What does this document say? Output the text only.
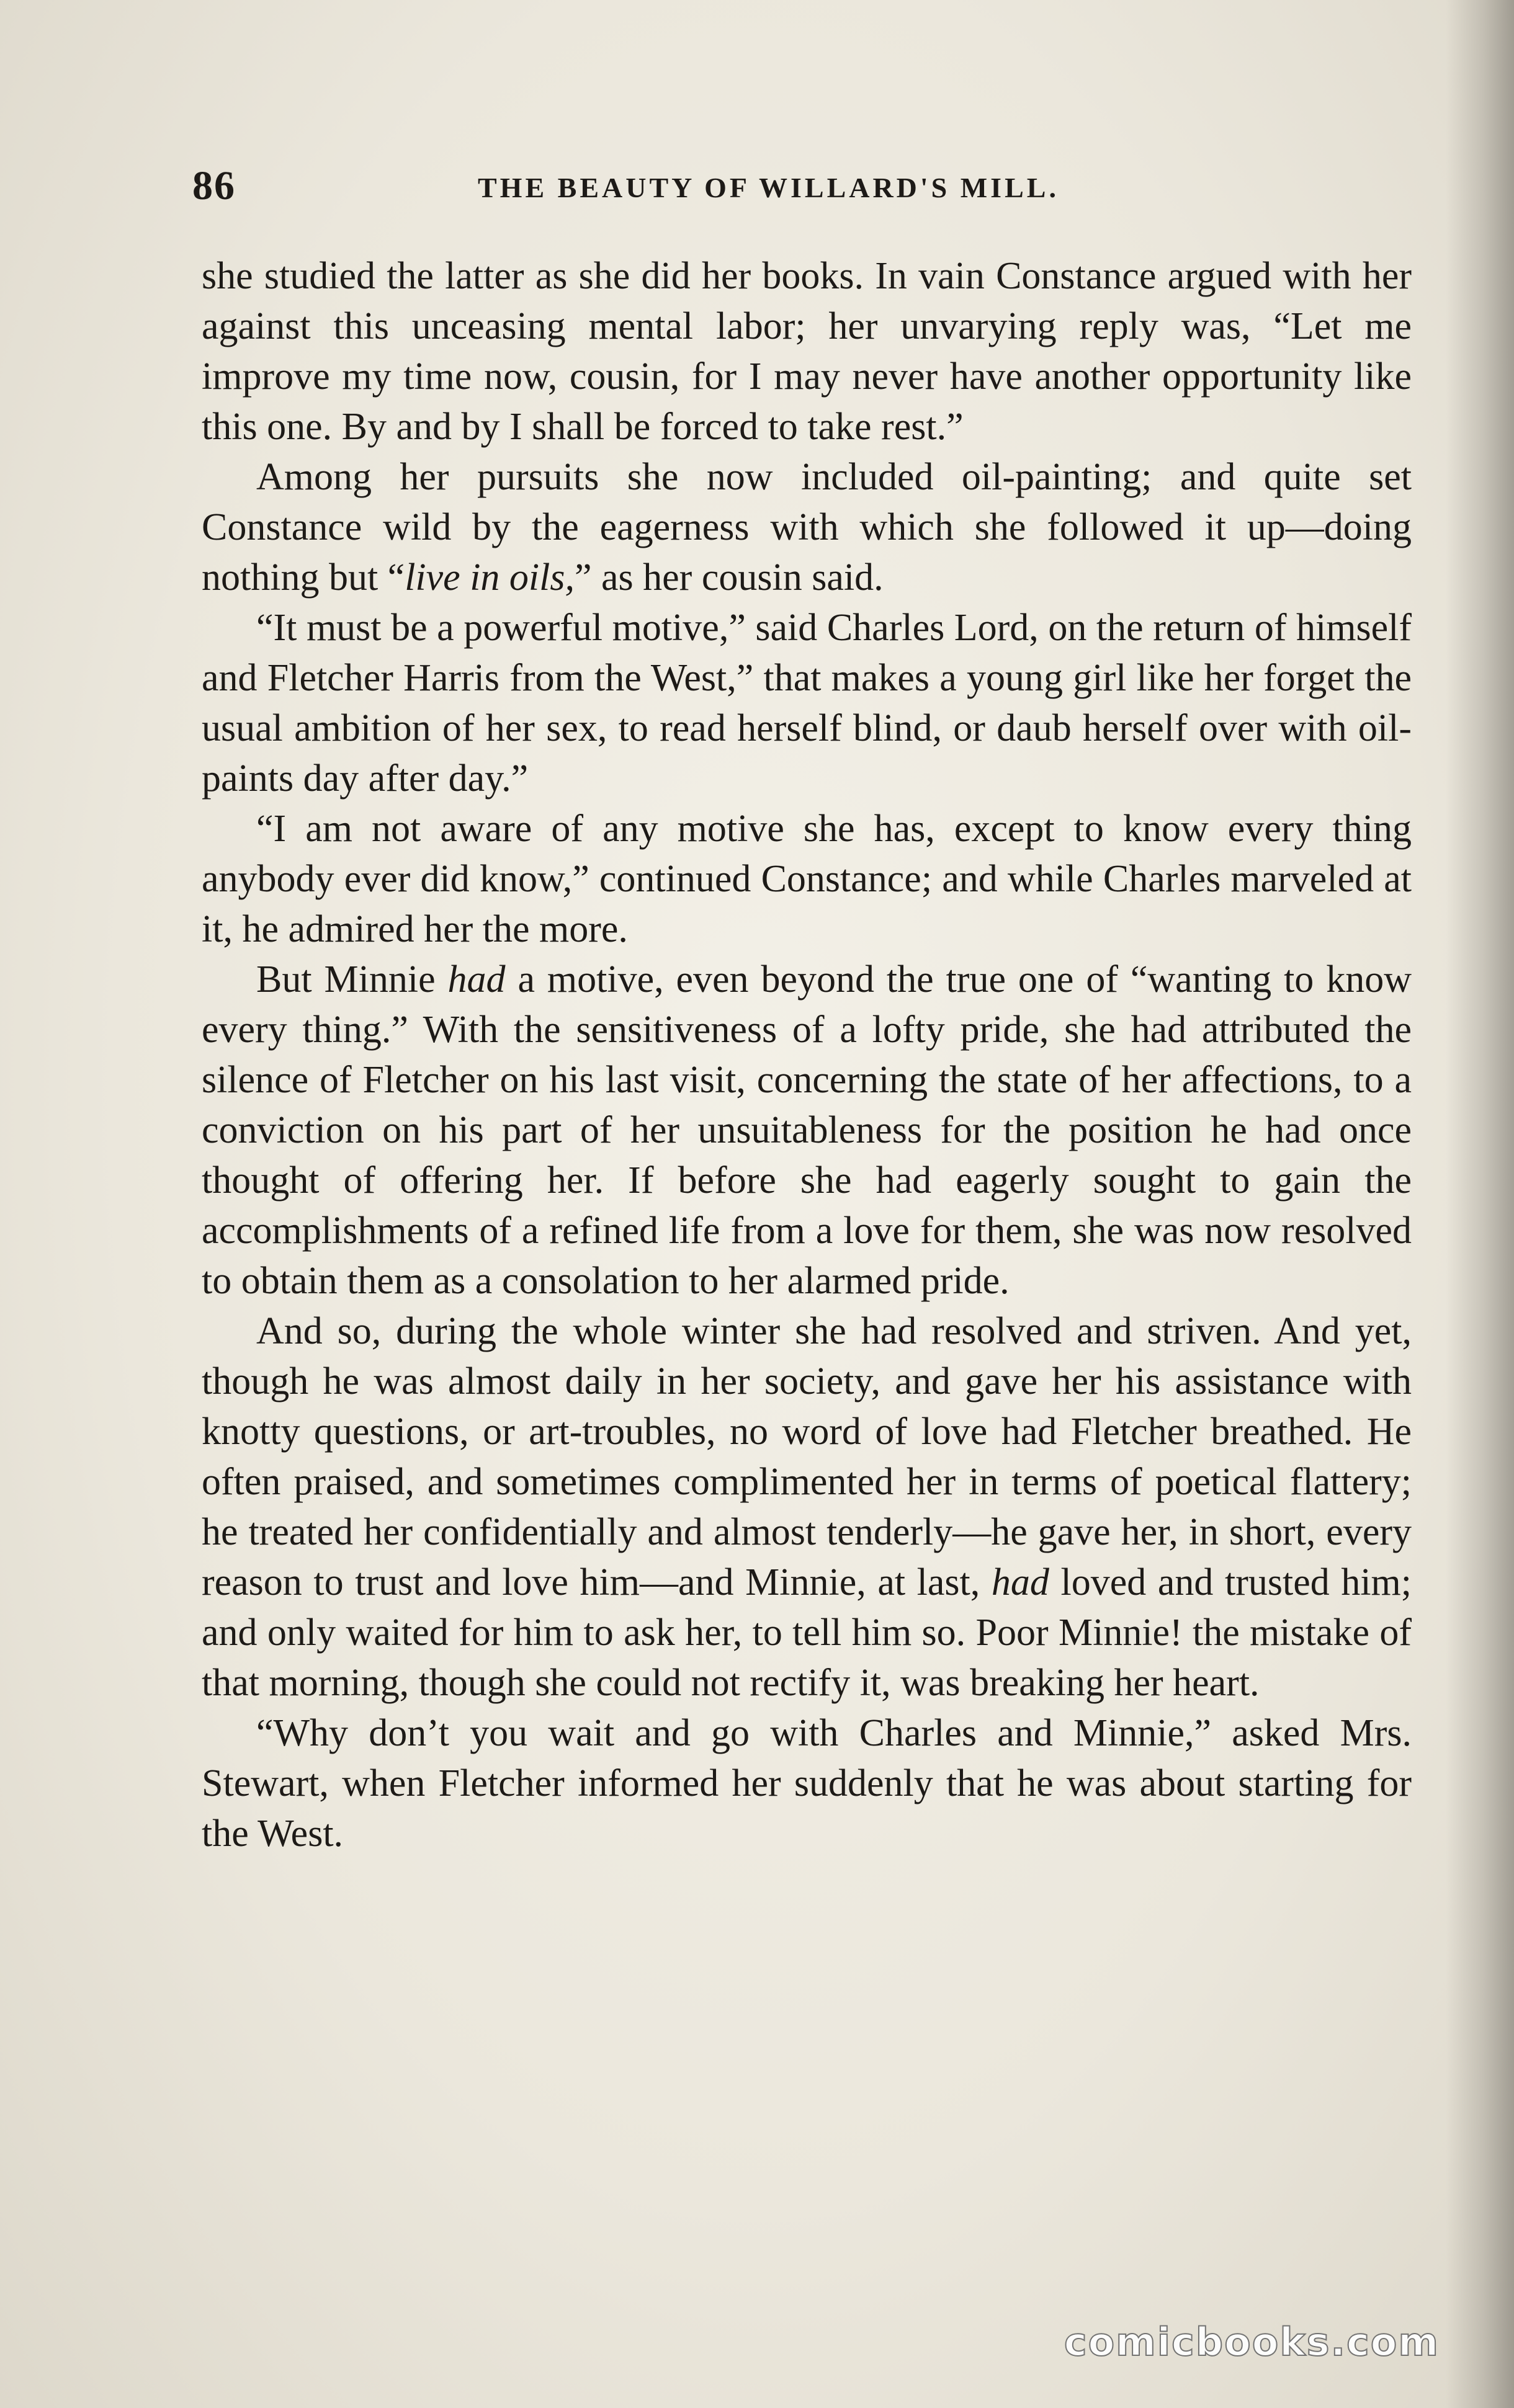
86	THE BEAUTY OF WILLARD'S MILL.

she studied the latter as she did her books. In vain Constance argued with her against this unceasing mental labor; her unvarying reply was, “Let me improve my time now, cousin, for I may never have another opportunity like this one. By and by I shall be forced to take rest.”

Among her pursuits she now included oil-painting; and quite set Constance wild by the eagerness with which she followed it up—doing nothing but “live in oils,” as her cousin said.

“It must be a powerful motive,” said Charles Lord, on the return of himself and Fletcher Harris from the West,” that makes a young girl like her forget the usual ambition of her sex, to read herself blind, or daub herself over with oil-paints day after day.”

“I am not aware of any motive she has, except to know every thing anybody ever did know,” continued Constance; and while Charles marveled at it, he admired her the more.

But Minnie had a motive, even beyond the true one of “wanting to know every thing.” With the sensitiveness of a lofty pride, she had attributed the silence of Fletcher on his last visit, concerning the state of her affections, to a conviction on his part of her unsuitableness for the position he had once thought of offering her. If before she had eagerly sought to gain the accomplishments of a refined life from a love for them, she was now resolved to obtain them as a consolation to her alarmed pride.

And so, during the whole winter she had resolved and striven. And yet, though he was almost daily in her society, and gave her his assistance with knotty questions, or art-troubles, no word of love had Fletcher breathed. He often praised, and sometimes complimented her in terms of poetical flattery; he treated her confidentially and almost tenderly—he gave her, in short, every reason to trust and love him—and Minnie, at last, had loved and trusted him; and only waited for him to ask her, to tell him so. Poor Minnie! the mistake of that morning, though she could not rectify it, was breaking her heart.

“Why don’t you wait and go with Charles and Minnie,” asked Mrs. Stewart, when Fletcher informed her suddenly that he was about starting for the West.

comicbooks.com
